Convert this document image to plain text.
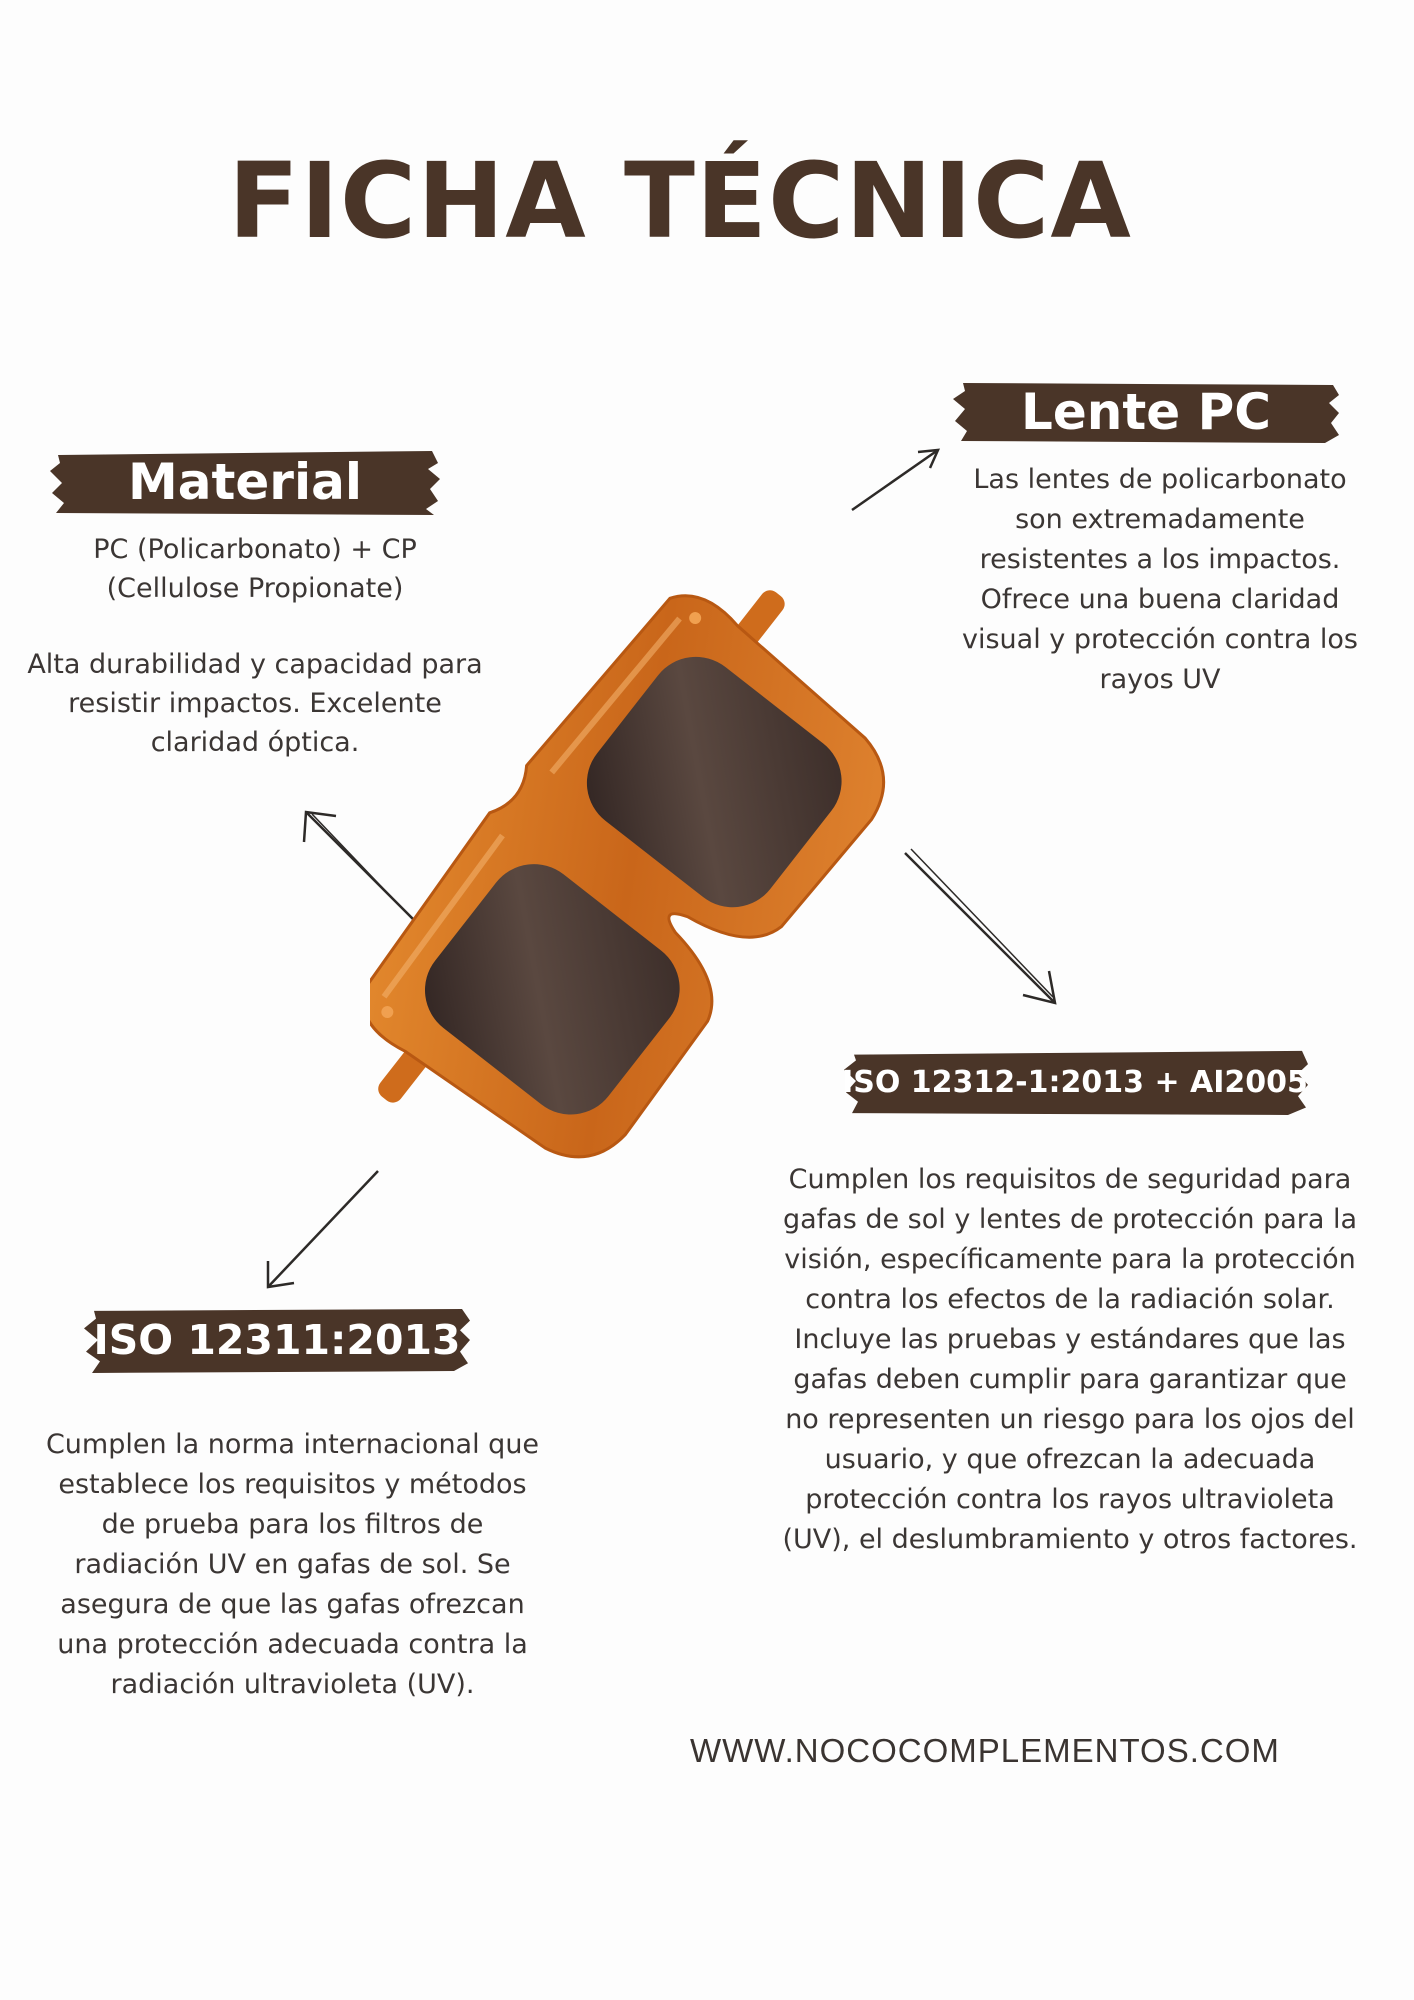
FICHA TÉCNICA
Material

PC (Policarbonato) + CP

(Cellulose Propionate)

Alta durabilidad y capacidad para

resistir impactos. Excelente

claridad óptica.

Lente PC

Las lentes de policarbonato

son extremadamente

resistentes a los impactos.

Ofrece una buena claridad

visual y protección contra los

rayos UV

ISO 12312-1:2013 + AI2005

Cumplen los requisitos de seguridad para

gafas de sol y lentes de protección para la

visión, específicamente para la protección

contra los efectos de la radiación solar.

Incluye las pruebas y estándares que las

gafas deben cumplir para garantizar que

no representen un riesgo para los ojos del

usuario, y que ofrezcan la adecuada

protección contra los rayos ultravioleta

(UV), el deslumbramiento y otros factores.

ISO 12311:2013

Cumplen la norma internacional que

establece los requisitos y métodos

de prueba para los filtros de

radiación UV en gafas de sol. Se

asegura de que las gafas ofrezcan

una protección adecuada contra la

radiación ultravioleta (UV).

WWW.NOCOCOMPLEMENTOS.COM
